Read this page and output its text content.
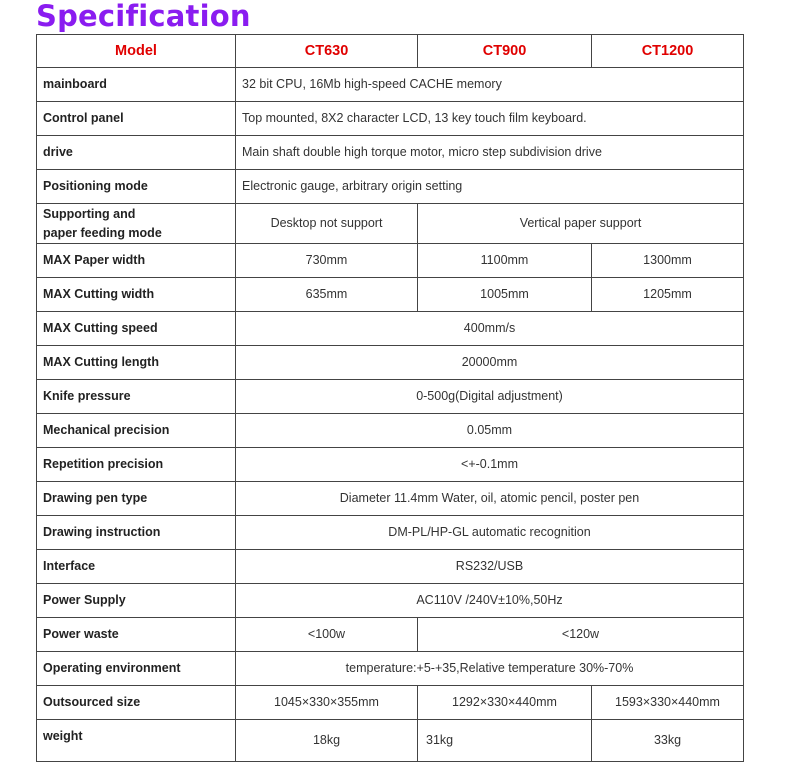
Specification
Model	CT630	CT900	CT1200
mainboard	32 bit CPU, 16Mb high-speed CACHE memory		
Control panel	Top mounted, 8X2 character LCD, 13 key touch film keyboard.		
drive	Main shaft double high torque motor, micro step subdivision drive		
Positioning mode	Electronic gauge, arbitrary origin setting		

Supporting and
paper feeding mode	Desktop not support	Vertical paper support	
MAX Paper width	730mm	1100mm	1300mm
MAX Cutting width	635mm	1005mm	1205mm
MAX Cutting speed	400mm/s		
MAX Cutting length	20000mm		
Knife pressure	0-500g(Digital adjustment)		
Mechanical precision	0.05mm		
Repetition precision	<+-0.1mm		
Drawing pen type	Diameter 11.4mm Water, oil, atomic pencil, poster pen		
Drawing instruction	DM-PL/HP-GL automatic recognition		
Interface	RS232/USB		
Power Supply	AC110V /240V±10%,50Hz		
Power waste	<100w	<120w	
Operating environment	temperature:+5-+35,Relative temperature 30%-70%		
Outsourced size	1045×330×355mm	1292×330×440mm	1593×330×440mm
weight	18kg	31kg	33kg
